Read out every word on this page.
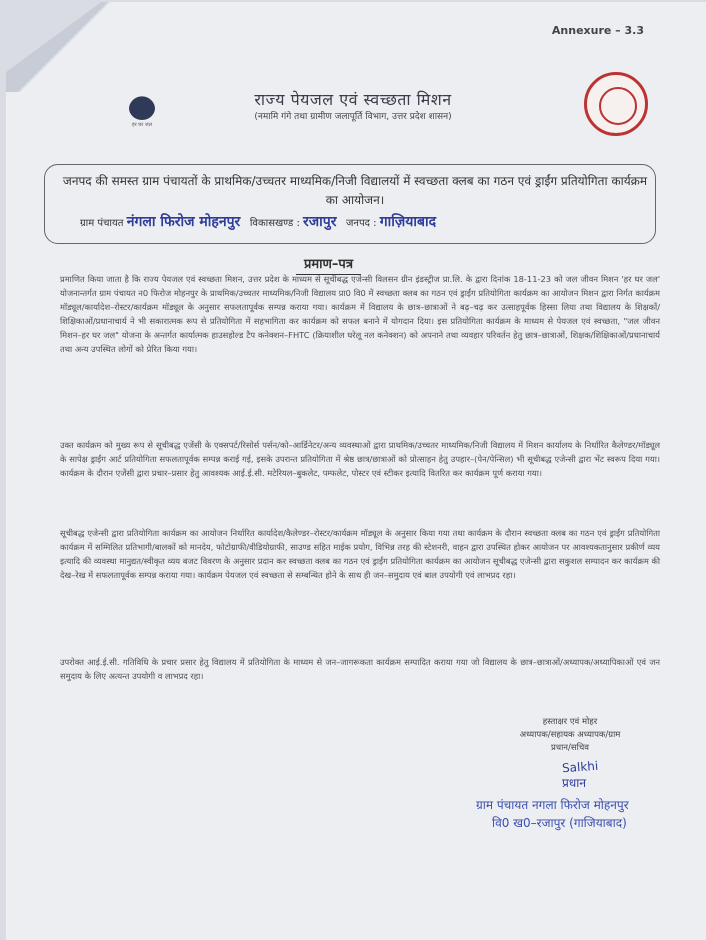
Annexure – 3.3
हर घर जल
राज्य पेयजल एवं स्वच्छता मिशन
(नमामि गंगे तथा ग्रामीण जलापूर्ति विभाग, उत्तर प्रदेश शासन)
जनपद की समस्त ग्राम पंचायतों के प्राथमिक/उच्चतर माध्यमिक/निजी विद्यालयों में स्वच्छता क्लब का गठन एवं ड्राईंग प्रतियोगिता कार्यक्रम का आयोजन।
ग्राम पंचायत नंगला फिरोज मोहनपुर विकासखण्ड : रजापुर जनपद : गाज़ियाबाद
प्रमाण–पत्र
प्रमाणित किया जाता है कि राज्य पेयजल एवं स्वच्छता मिशन, उत्तर प्रदेश के माध्यम से सूचीबद्ध एजेन्सी विलसन ग्रीन इंडस्ट्रीज प्रा.लि. के द्वारा दिनांक 18-11-23 को जल जीवन मिशन 'हर घर जल' योजनान्तर्गत ग्राम पंचायत न0 फिरोज मोहनपुर के प्राथमिक/उच्चतर माध्यमिक/निजी विद्यालय प्रा0 वि0 में स्वच्छता क्लब का गठन एवं ड्राईंग प्रतियोगिता कार्यक्रम का आयोजन मिशन द्वारा निर्गत कार्यक्रम मॉड्यूल/कार्यादेश–रोस्टर/कार्यक्रम मॉड्यूल के अनुसार सफलतापूर्वक सम्पन्न कराया गया। कार्यक्रम में विद्यालय के छात्र–छात्राओं ने बढ़–चढ़ कर उत्साहपूर्वक हिस्सा लिया तथा विद्यालय के शिक्षकों/शिक्षिकाओं/प्रधानाचार्य ने भी सकारात्मक रूप से प्रतियोगिता में सहभागिता कर कार्यक्रम को सफल बनाने में योगदान दिया। इस प्रतियोगिता कार्यक्रम के माध्यम से पेयजल एवं स्वच्छता, "जल जीवन मिशन–हर घर जल" योजना के अन्तर्गत कार्यात्मक हाउसहोल्ड टैप कनेक्शन–FHTC (क्रियाशील घरेलू नल कनेक्शन) को अपनाने तथा व्यवहार परिवर्तन हेतु छात्र–छात्राओं, शिक्षक/शिक्षिकाओं/प्रधानाचार्य तथा अन्य उपस्थित लोगों को प्रेरित किया गया।
उक्त कार्यक्रम को मुख्य रूप से सूचीबद्ध एजेंसी के एक्सपर्ट/रिसोर्स पर्सन/को–आर्डिनेटर/अन्य व्यवस्थाओं द्वारा प्राथमिक/उच्चतर माध्यमिक/निजी विद्यालय में मिशन कार्यालय के निर्धारित कैलेण्डर/मॉड्यूल के सापेक्ष ड्राईंग आर्ट प्रतियोगिता सफलतापूर्वक सम्पन्न कराई गई, इसके उपरान्त प्रतियोगिता में श्रेष्ठ छात्र/छात्राओं को प्रोत्साहन हेतु उपहार–(पेन/पेन्सिल) भी सूचीबद्ध एजेन्सी द्वारा भेंट स्वरूप दिया गया। कार्यक्रम के दौरान एजेंसी द्वारा प्रचार–प्रसार हेतु आवश्यक आई.ई.सी. मटेरियल–बुकलेट, पम्फलेट, पोस्टर एवं स्टीकर इत्यादि वितरित कर कार्यक्रम पूर्ण कराया गया।
सूचीबद्ध एजेन्सी द्वारा प्रतियोगिता कार्यक्रम का आयोजन निर्धारित कार्यादेश/कैलेण्डर–रोस्टर/कार्यक्रम मॉड्यूल के अनुसार किया गया तथा कार्यक्रम के दौरान स्वच्छता क्लब का गठन एवं ड्राईंग प्रतियोगिता कार्यक्रम में सम्मिलित प्रतिभागी/बालकों को मानदेय, फोटोग्राफी/वीडियोग्राफी, साउण्ड सहित माईक प्रयोग, विभिन्न तरह की स्टेशनरी, वाहन द्वारा उपस्थित होकर आयोजन पर आवश्यकतानुसार प्रकीर्ण व्यय इत्यादि की व्यवस्था मानुद्यत/स्वीकृत व्यय बजट विवरण के अनुसार प्रदान कर स्वच्छता क्लब का गठन एवं ड्राईंग प्रतियोगिता कार्यक्रम का आयोजन सूचीबद्ध एजेन्सी द्वारा सकुशल सम्पादन कर कार्यक्रम की देख–रेख में सफलतापूर्वक सम्पन्न कराया गया। कार्यक्रम पेयजल एवं स्वच्छता से सम्बन्धित होने के साथ ही जन–समुदाय एवं बाल उपयोगी एवं लाभप्रद रहा।
उपरोक्त आई.ई.सी. गतिविधि के प्रचार प्रसार हेतु विद्यालय में प्रतियोगिता के माध्यम से जन–जागरूकता कार्यक्रम सम्पादित कराया गया जो विद्यालय के छात्र–छात्राओं/अध्यापक/अध्यापिकाओं एवं जन समुदाय के लिए अत्यन्त उपयोगी व लाभप्रद रहा।
हस्ताक्षर एवं मोहर
अध्यापक/सहायक अध्यापक/ग्राम
प्रधान/सचिव
Salkhi
प्रधान
ग्राम पंचायत नगला फिरोज मोहनपुर
वि0 ख0–रजापुर (गाजियाबाद)
